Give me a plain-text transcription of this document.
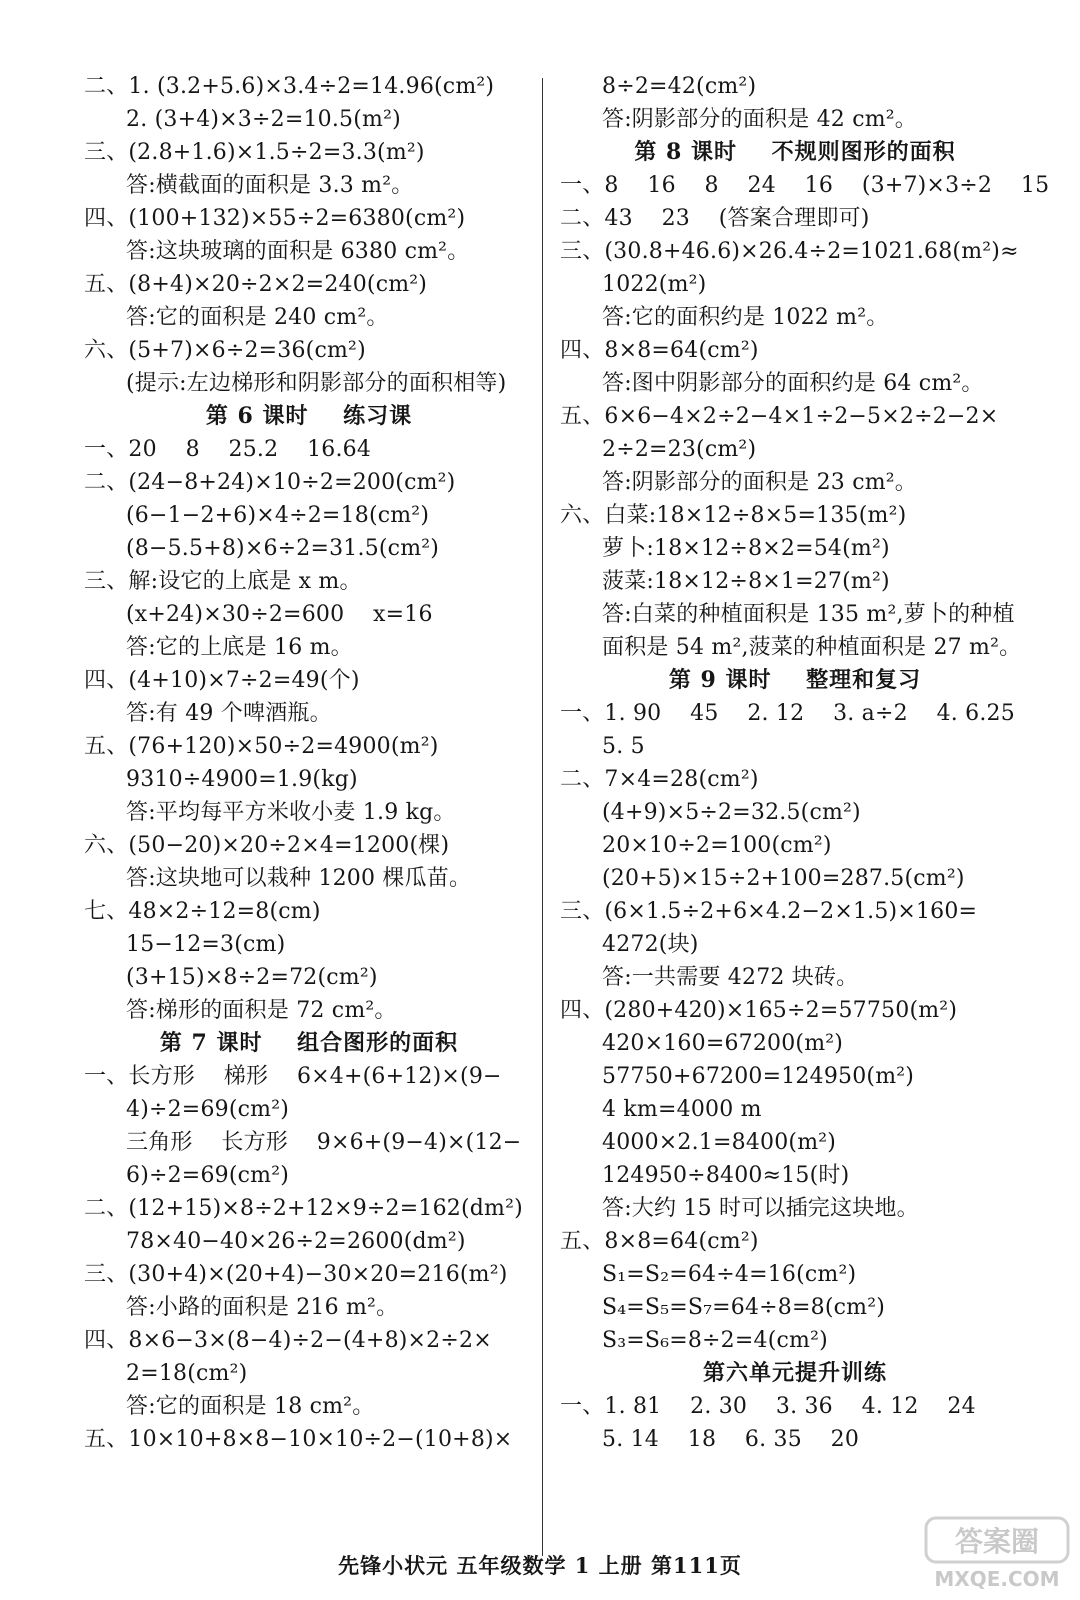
二、1. (3.2+5.6)×3.4÷2=14.96(cm²)
2. (3+4)×3÷2=10.5(m²)
三、(2.8+1.6)×1.5÷2=3.3(m²)
答:横截面的面积是 3.3 m²。
四、(100+132)×55÷2=6380(cm²)
答:这块玻璃的面积是 6380 cm²。
五、(8+4)×20÷2×2=240(cm²)
答:它的面积是 240 cm²。
六、(5+7)×6÷2=36(cm²)
(提示:左边梯形和阴影部分的面积相等)
第 6 课时    练习课
一、20    8    25.2    16.64
二、(24−8+24)×10÷2=200(cm²)
(6−1−2+6)×4÷2=18(cm²)
(8−5.5+8)×6÷2=31.5(cm²)
三、解:设它的上底是 x m。
(x+24)×30÷2=600    x=16
答:它的上底是 16 m。
四、(4+10)×7÷2=49(个)
答:有 49 个啤酒瓶。
五、(76+120)×50÷2=4900(m²)
9310÷4900=1.9(kg)
答:平均每平方米收小麦 1.9 kg。
六、(50−20)×20÷2×4=1200(棵)
答:这块地可以栽种 1200 棵瓜苗。
七、48×2÷12=8(cm)
15−12=3(cm)
(3+15)×8÷2=72(cm²)
答:梯形的面积是 72 cm²。
第 7 课时    组合图形的面积
一、长方形    梯形    6×4+(6+12)×(9−
4)÷2=69(cm²)
三角形    长方形    9×6+(9−4)×(12−
6)÷2=69(cm²)
二、(12+15)×8÷2+12×9÷2=162(dm²)
78×40−40×26÷2=2600(dm²)
三、(30+4)×(20+4)−30×20=216(m²)
答:小路的面积是 216 m²。
四、8×6−3×(8−4)÷2−(4+8)×2÷2×
2=18(cm²)
答:它的面积是 18 cm²。
五、10×10+8×8−10×10÷2−(10+8)×
8÷2=42(cm²)
答:阴影部分的面积是 42 cm²。
第 8 课时    不规则图形的面积
一、8    16    8    24    16    (3+7)×3÷2    15
二、43    23    (答案合理即可)
三、(30.8+46.6)×26.4÷2=1021.68(m²)≈
1022(m²)
答:它的面积约是 1022 m²。
四、8×8=64(cm²)
答:图中阴影部分的面积约是 64 cm²。
五、6×6−4×2÷2−4×1÷2−5×2÷2−2×
2÷2=23(cm²)
答:阴影部分的面积是 23 cm²。
六、白菜:18×12÷8×5=135(m²)
萝卜:18×12÷8×2=54(m²)
菠菜:18×12÷8×1=27(m²)
答:白菜的种植面积是 135 m²,萝卜的种植
面积是 54 m²,菠菜的种植面积是 27 m²。
第 9 课时    整理和复习
一、1. 90    45    2. 12    3. a÷2    4. 6.25
5. 5
二、7×4=28(cm²)
(4+9)×5÷2=32.5(cm²)
20×10÷2=100(cm²)
(20+5)×15÷2+100=287.5(cm²)
三、(6×1.5÷2+6×4.2−2×1.5)×160=
4272(块)
答:一共需要 4272 块砖。
四、(280+420)×165÷2=57750(m²)
420×160=67200(m²)
57750+67200=124950(m²)
4 km=4000 m
4000×2.1=8400(m²)
124950÷8400≈15(时)
答:大约 15 时可以插完这块地。
五、8×8=64(cm²)
S₁=S₂=64÷4=16(cm²)
S₄=S₅=S₇=64÷8=8(cm²)
S₃=S₆=8÷2=4(cm²)
第六单元提升训练
一、1. 81    2. 30    3. 36    4. 12    24
5. 14    18    6. 35    20
先锋小状元 五年级数学 1 上册 第111页
答案圈
MXQE.COM
